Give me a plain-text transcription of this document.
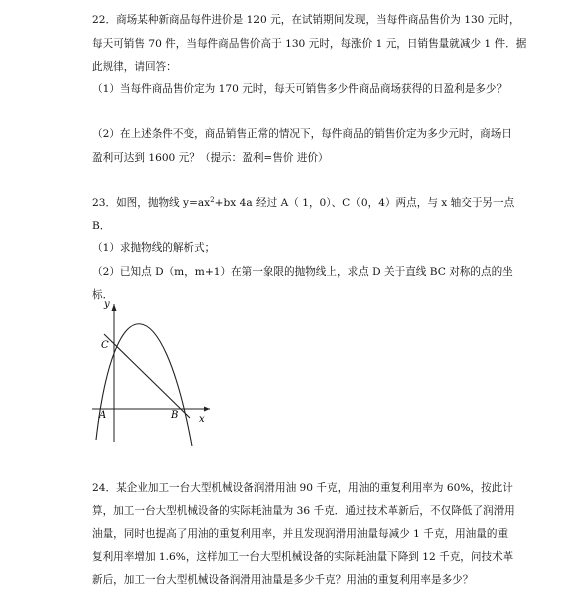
22．商场某种新商品每件进价是 120 元，在试销期间发现，当每件商品售价为 130 元时，
每天可销售 70 件，当每件商品售价高于 130 元时，每涨价 1 元，日销售量就减少 1 件．据
此规律，请回答：
（1）当每件商品售价定为 170 元时，每天可销售多少件商品商场获得的日盈利是多少？
（2）在上述条件不变，商品销售正常的情况下，每件商品的销售价定为多少元时，商场日
盈利可达到 1600 元？（提示：盈利=售价 进价）
23．如图，抛物线 $y=ax^2+bx$ 4a 经过 A（ 1，0）、C（0，4）两点，与 x 轴交于另一点
B．
（1）求抛物线的解析式；
（2）已知点 D（m，m+1）在第一象限的抛物线上，求点 D 关于直线 BC 对称的点的坐
标．
y
x
C
A	B
24．某企业加工一台大型机械设备润滑用油 90 千克，用油的重复利用率为 60%，按此计
算，加工一台大型机械设备的实际耗油量为 36 千克．通过技术革新后，不仅降低了润滑用
油量，同时也提高了用油的重复利用率，并且发现润滑用油量每减少 1 千克，用油量的重
复利用率增加 1.6%，这样加工一台大型机械设备的实际耗油量下降到 12 千克，问技术革
新后，加工一台大型机械设备润滑用油量是多少千克？用油的重复利用率是多少？
